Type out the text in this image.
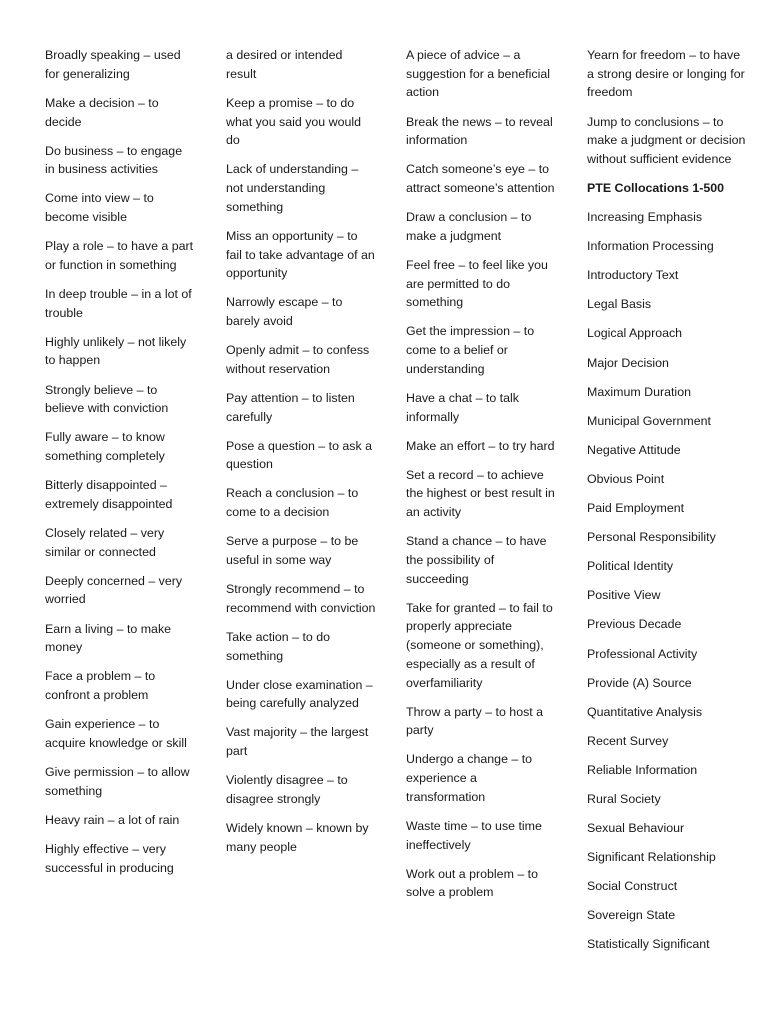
Broadly speaking – used for generalizing
Make a decision – to decide
Do business – to engage in business activities
Come into view – to become visible
Play a role – to have a part or function in something
In deep trouble – in a lot of trouble
Highly unlikely – not likely to happen
Strongly believe – to believe with conviction
Fully aware – to know something completely
Bitterly disappointed – extremely disappointed
Closely related – very similar or connected
Deeply concerned – very worried
Earn a living – to make money
Face a problem – to confront a problem
Gain experience – to acquire knowledge or skill
Give permission – to allow something
Heavy rain – a lot of rain
Highly effective – very successful in producing
a desired or intended result
Keep a promise – to do what you said you would do
Lack of understanding – not understanding something
Miss an opportunity – to fail to take advantage of an opportunity
Narrowly escape – to barely avoid
Openly admit – to confess without reservation
Pay attention – to listen carefully
Pose a question – to ask a question
Reach a conclusion – to come to a decision
Serve a purpose – to be useful in some way
Strongly recommend – to recommend with conviction
Take action – to do something
Under close examination – being carefully analyzed
Vast majority – the largest part
Violently disagree – to disagree strongly
Widely known – known by many people
A piece of advice – a suggestion for a beneficial action
Break the news – to reveal information
Catch someone’s eye – to attract someone’s attention
Draw a conclusion – to make a judgment
Feel free – to feel like you are permitted to do something
Get the impression – to come to a belief or understanding
Have a chat – to talk informally
Make an effort – to try hard
Set a record – to achieve the highest or best result in an activity
Stand a chance – to have the possibility of succeeding
Take for granted – to fail to properly appreciate (someone or something), especially as a result of overfamiliarity
Throw a party – to host a party
Undergo a change – to experience a transformation
Waste time – to use time ineffectively
Work out a problem – to solve a problem
Yearn for freedom – to have a strong desire or longing for freedom
Jump to conclusions – to make a judgment or decision without sufficient evidence
PTE Collocations 1-500
Increasing Emphasis
Information Processing
Introductory Text
Legal Basis
Logical Approach
Major Decision
Maximum Duration
Municipal Government
Negative Attitude
Obvious Point
Paid Employment
Personal Responsibility
Political Identity
Positive View
Previous Decade
Professional Activity
Provide (A) Source
Quantitative Analysis
Recent Survey
Reliable Information
Rural Society
Sexual Behaviour
Significant Relationship
Social Construct
Sovereign State
Statistically Significant
